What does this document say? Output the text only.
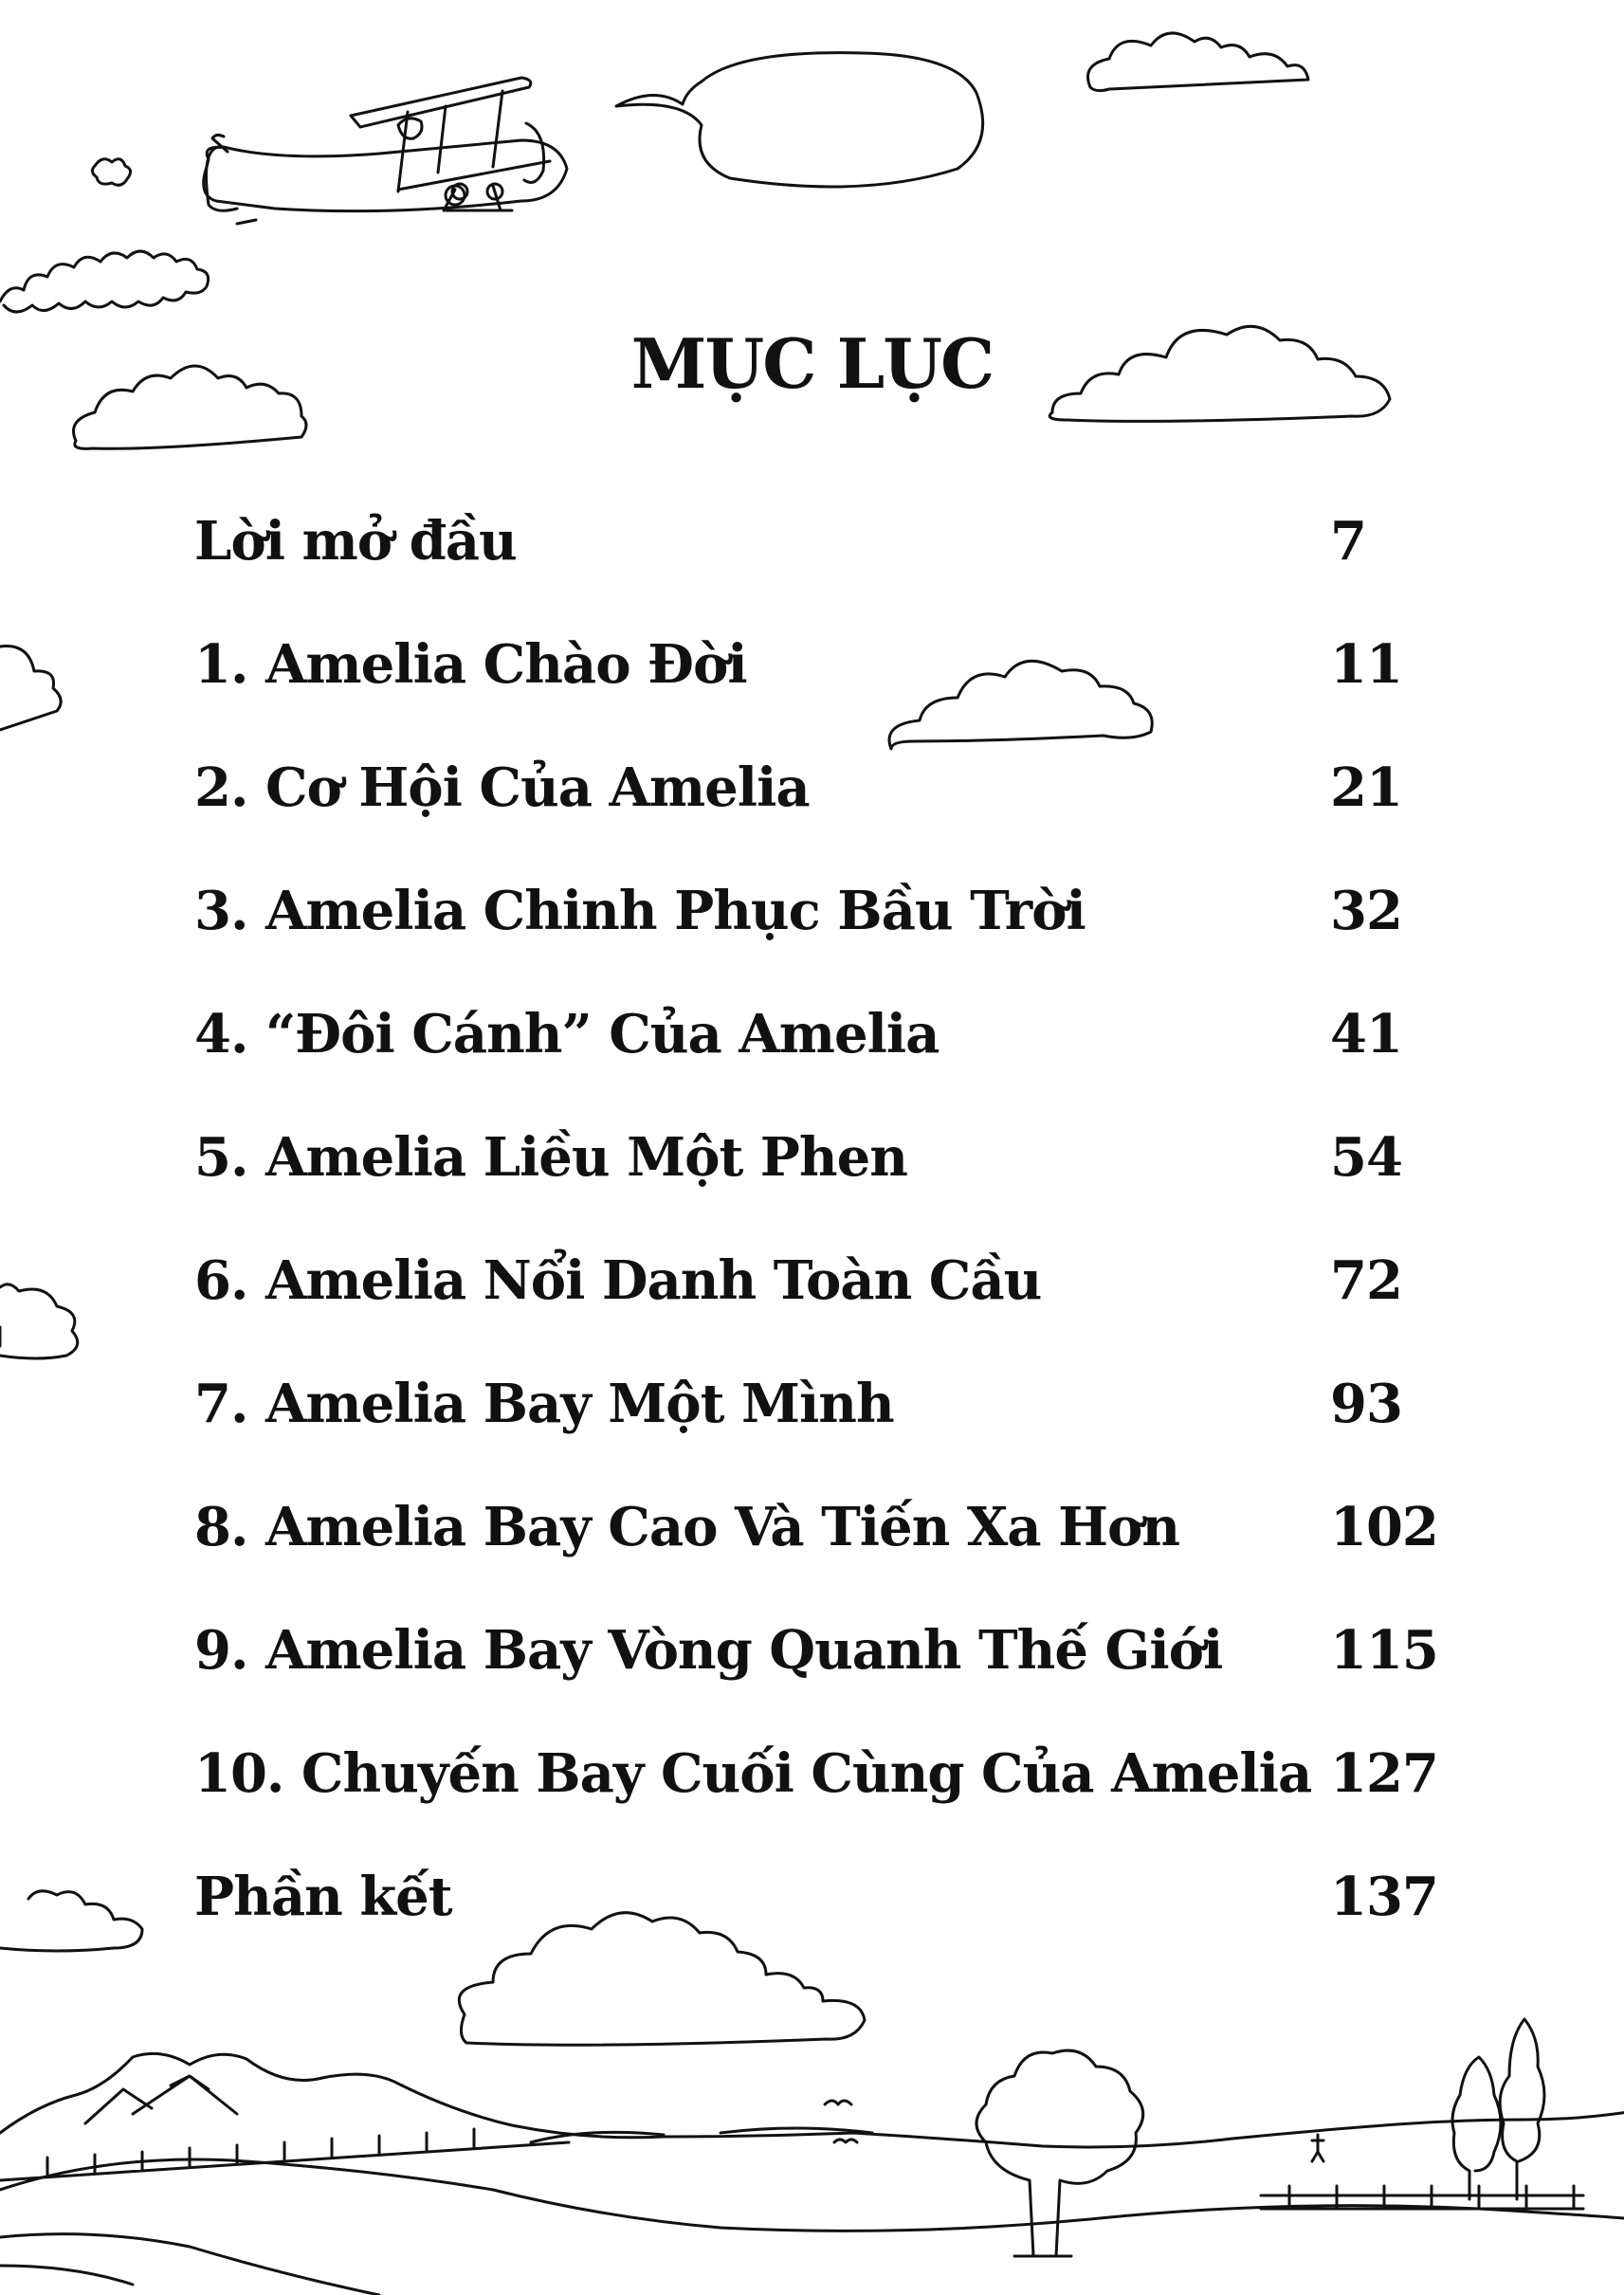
MỤC LỤC
Lời mở đầu	7
1. Amelia Chào Đời	11
2. Cơ Hội Của Amelia	21
3. Amelia Chinh Phục Bầu Trời	32
4. “Đôi Cánh” Của Amelia	41
5. Amelia Liều Một Phen	54
6. Amelia Nổi Danh Toàn Cầu	72
7. Amelia Bay Một Mình	93
8. Amelia Bay Cao Và Tiến Xa Hơn	102
9. Amelia Bay Vòng Quanh Thế Giới 115
10. Chuyến Bay Cuối Cùng Của Amelia 127
Phần kết	137
